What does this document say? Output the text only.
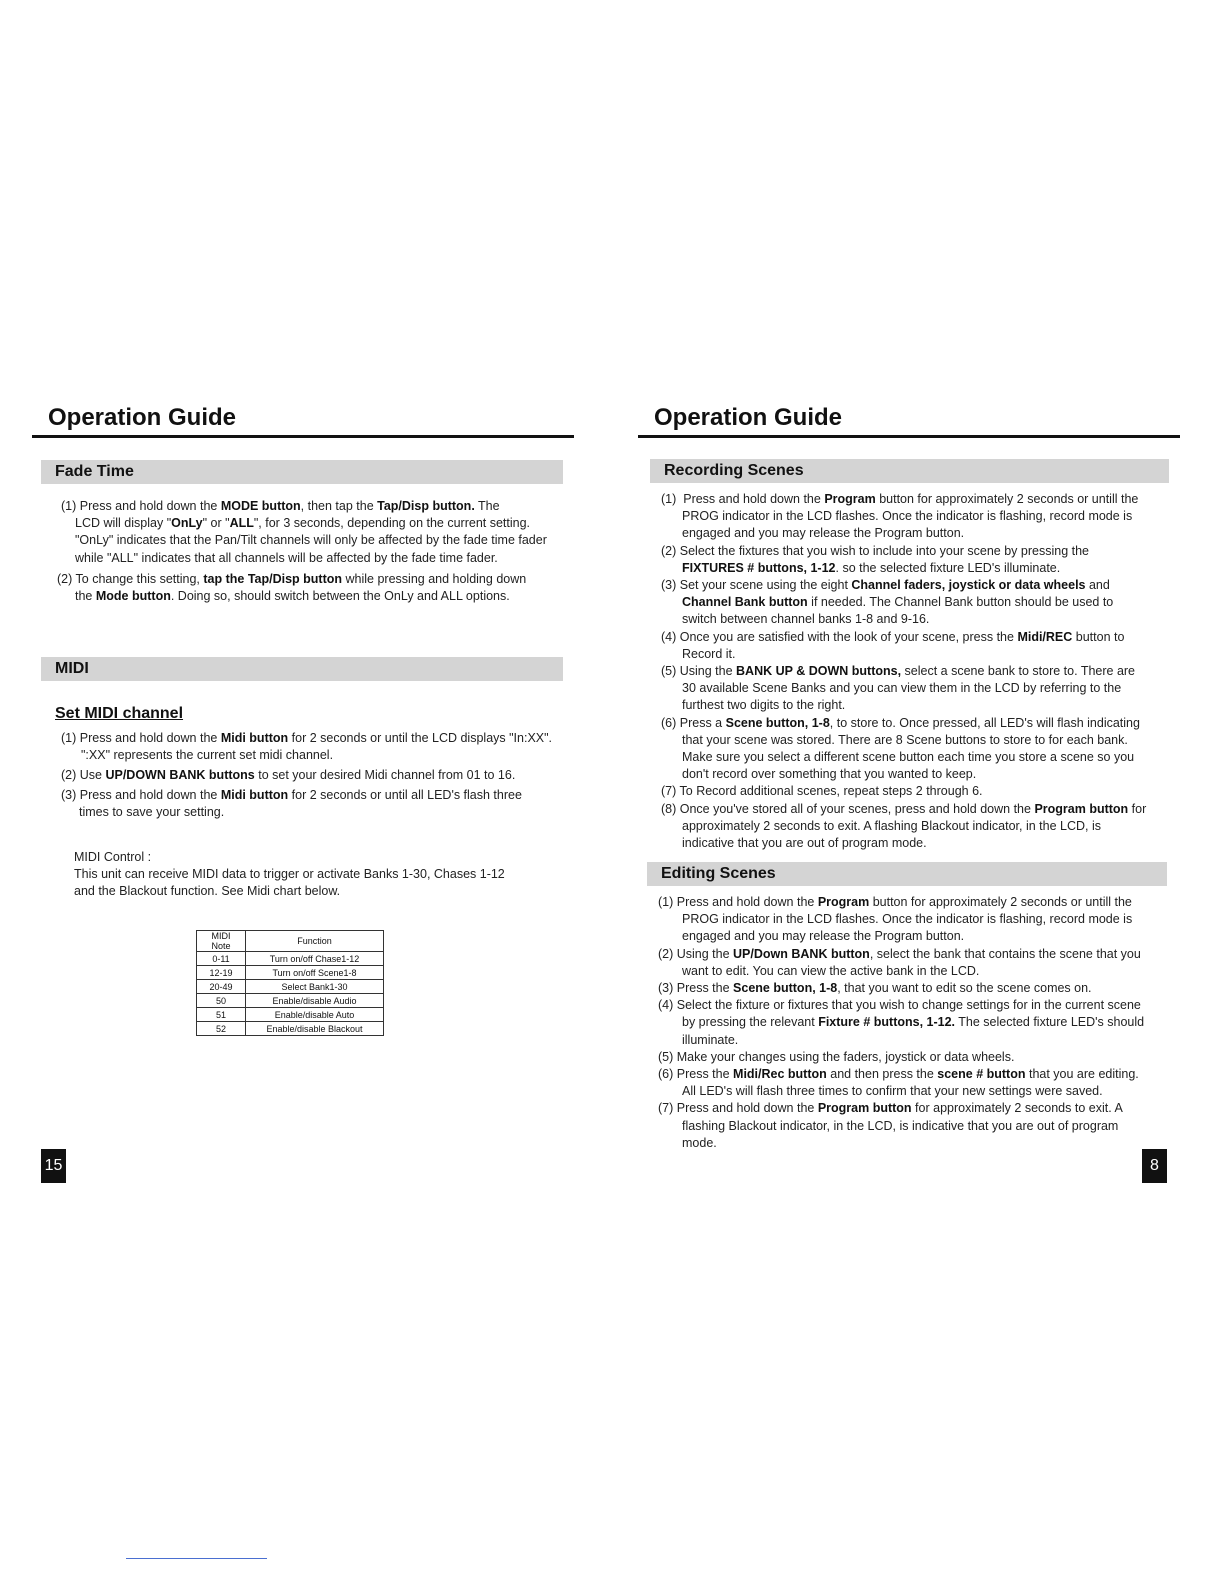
Operation Guide
Fade Time
(1) Press and hold down the MODE button, then tap the Tap/Disp button. The
LCD will display "OnLy" or "ALL", for 3 seconds, depending on the current setting.
"OnLy" indicates that the Pan/Tilt channels will only be affected by the fade time fader
while "ALL" indicates that all channels will be affected by the fade time fader.
(2) To change this setting, tap the Tap/Disp button while pressing and holding down
the Mode button. Doing so, should switch between the OnLy and ALL options.
MIDI
Set MIDI channel
(1) Press and hold down the Midi button for 2 seconds or until the LCD displays "In:XX".
":XX" represents the current set midi channel.
(2) Use UP/DOWN BANK buttons to set your desired Midi channel from 01 to 16.
(3) Press and hold down the Midi button for 2 seconds or until all LED's flash three
times to save your setting.
MIDI Control :
This unit can receive MIDI data to trigger or activate Banks 1-30, Chases 1-12
and the Blackout function. See Midi chart below.
MIDI Note	Function
0-11	Turn on/off Chase1-12
12-19	Turn on/off Scene1-8
20-49	Select Bank1-30
50	Enable/disable Audio
51	Enable/disable Auto
52	Enable/disable Blackout
15
Operation Guide
Recording Scenes
(1) Press and hold down the Program button for approximately 2 seconds or untill the
PROG indicator in the LCD flashes. Once the indicator is flashing, record mode is
engaged and you may release the Program button.
(2) Select the fixtures that you wish to include into your scene by pressing the
FIXTURES # buttons, 1-12. so the selected fixture LED's illuminate.
(3) Set your scene using the eight Channel faders, joystick or data wheels and
Channel Bank button if needed. The Channel Bank button should be used to
switch between channel banks 1-8 and 9-16.
(4) Once you are satisfied with the look of your scene, press the Midi/REC button to
Record it.
(5) Using the BANK UP & DOWN buttons, select a scene bank to store to. There are
30 available Scene Banks and you can view them in the LCD by referring to the
furthest two digits to the right.
(6) Press a Scene button, 1-8, to store to. Once pressed, all LED's will flash indicating
that your scene was stored. There are 8 Scene buttons to store to for each bank.
Make sure you select a different scene button each time you store a scene so you
don't record over something that you wanted to keep.
(7) To Record additional scenes, repeat steps 2 through 6.
(8) Once you've stored all of your scenes, press and hold down the Program button for
approximately 2 seconds to exit. A flashing Blackout indicator, in the LCD, is
indicative that you are out of program mode.
Editing Scenes
(1) Press and hold down the Program button for approximately 2 seconds or untill the
PROG indicator in the LCD flashes. Once the indicator is flashing, record mode is
engaged and you may release the Program button.
(2) Using the UP/Down BANK button, select the bank that contains the scene that you
want to edit. You can view the active bank in the LCD.
(3) Press the Scene button, 1-8, that you want to edit so the scene comes on.
(4) Select the fixture or fixtures that you wish to change settings for in the current scene
by pressing the relevant Fixture # buttons, 1-12. The selected fixture LED's should
illuminate.
(5) Make your changes using the faders, joystick or data wheels.
(6) Press the Midi/Rec button and then press the scene # button that you are editing.
All LED's will flash three times to confirm that your new settings were saved.
(7) Press and hold down the Program button for approximately 2 seconds to exit. A
flashing Blackout indicator, in the LCD, is indicative that you are out of program
mode.
8
